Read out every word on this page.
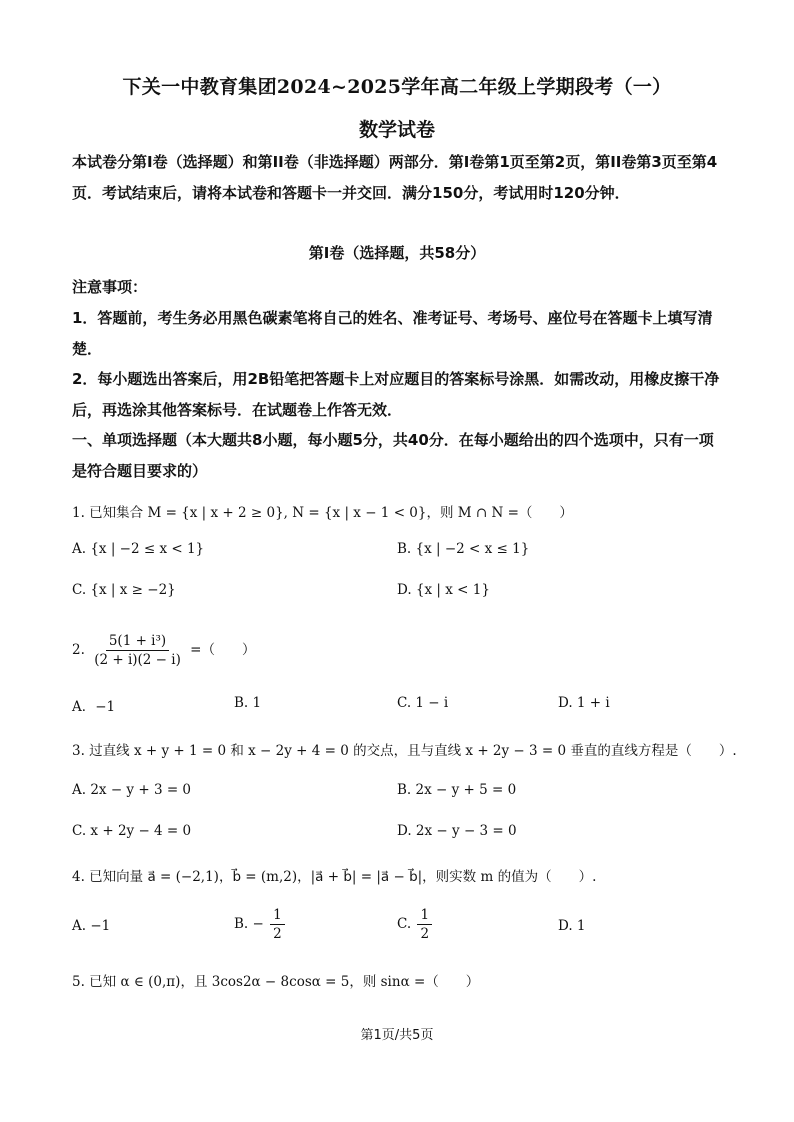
下关一中教育集团2024~2025学年高二年级上学期段考（一）
数学试卷
本试卷分第I卷（选择题）和第II卷（非选择题）两部分．第I卷第1页至第2页，第II卷第3页至第4页．考试结束后，请将本试卷和答题卡一并交回．满分150分，考试用时120分钟．
第I卷（选择题，共58分）
注意事项：
1．答题前，考生务必用黑色碳素笔将自己的姓名、准考证号、考场号、座位号在答题卡上填写清楚．
2．每小题选出答案后，用2B铅笔把答题卡上对应题目的答案标号涂黑．如需改动，用橡皮擦干净后，再选涂其他答案标号．在试题卷上作答无效．
一、单项选择题（本大题共8小题，每小题5分，共40分．在每小题给出的四个选项中，只有一项是符合题目要求的）
1. 已知集合 M = {x | x + 2 ≥ 0}, N = {x | x − 1 < 0}，则 M ∩ N =（　　）
A. {x | −2 ≤ x < 1}	B. {x | −2 < x ≤ 1}
C. {x | x ≥ −2}	D. {x | x < 1}
2. $\frac{\text{5(1 + i³)}}{(2 + i)(2 - i)}$ =（　　）
A．−1	B. 1	C. 1 − i	D. 1 + i
3. 过直线 x + y + 1 = 0 和 x − 2y + 4 = 0 的交点，且与直线 x + 2y − 3 = 0 垂直的直线方程是（　　）.
A. 2x − y + 3 = 0	B. 2x − y + 5 = 0
C. x + 2y − 4 = 0	D. 2x − y − 3 = 0
4. 已知向量 a⃗ = (−2,1)，b⃗ = (m,2)，|a⃗ + b⃗| = |a⃗ − b⃗|，则实数 m 的值为（　　）.
A. −1	B. − $\frac{1}{2}$	C. $\frac{1}{2}$	D. 1
5. 已知 α ∈ (0,π)，且 3cos2α − 8cosα = 5，则 sinα =（　　）
第1页/共5页
